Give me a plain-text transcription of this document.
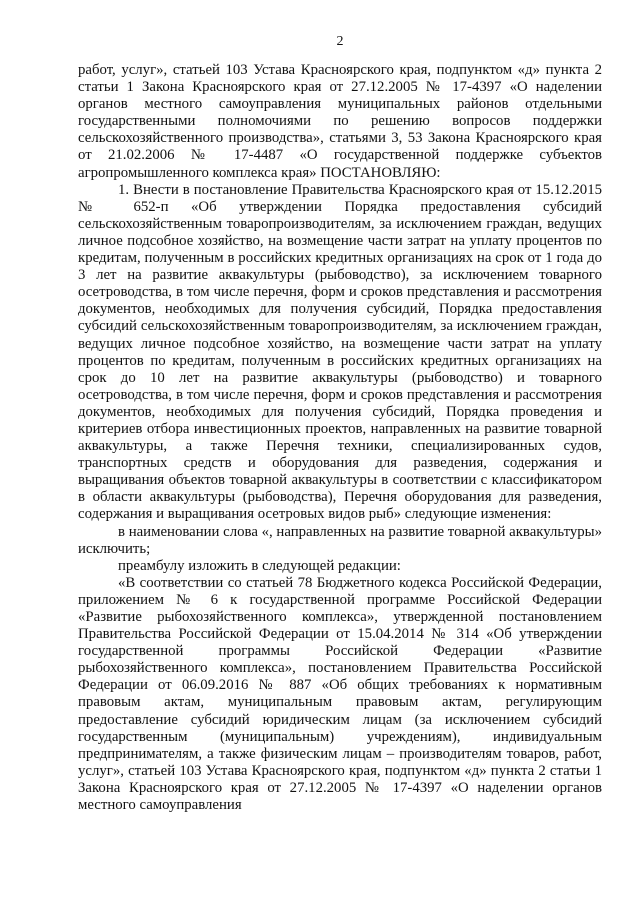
2

работ, услуг», статьей 103 Устава Красноярского края, подпунктом «д» пункта 2 статьи 1 Закона Красноярского края от 27.12.2005 № 17-4397 «О наделении органов местного самоуправления муниципальных районов отдельными государственными полномочиями по решению вопросов поддержки сельскохозяйственного производства», статьями 3, 53 Закона Красноярского края от 21.02.2006 № 17-4487 «О государственной поддержке субъектов агропромышленного комплекса края» ПОСТАНОВЛЯЮ:

1. Внести в постановление Правительства Красноярского края от 15.12.2015 № 652-п «Об утверждении Порядка предоставления субсидий сельскохозяйственным товаропроизводителям, за исключением граждан, ведущих личное подсобное хозяйство, на возмещение части затрат на уплату процентов по кредитам, полученным в российских кредитных организациях на срок от 1 года до 3 лет на развитие аквакультуры (рыбоводство), за исключением товарного осетроводства, в том числе перечня, форм и сроков представления и рассмотрения документов, необходимых для получения субсидий, Порядка предоставления субсидий сельскохозяйственным товаропроизводителям, за исключением граждан, ведущих личное подсобное хозяйство, на возмещение части затрат на уплату процентов по кредитам, полученным в российских кредитных организациях на срок до 10 лет на развитие аквакультуры (рыбоводство) и товарного осетроводства, в том числе перечня, форм и сроков представления и рассмотрения документов, необходимых для получения субсидий, Порядка проведения и критериев отбора инвестиционных проектов, направленных на развитие товарной аквакультуры, а также Перечня техники, специализированных судов, транспортных средств и оборудования для разведения, содержания и выращивания объектов товарной аквакультуры в соответствии с классификатором в области аквакультуры (рыбоводства), Перечня оборудования для разведения, содержания и выращивания осетровых видов рыб» следующие изменения:

в наименовании слова «, направленных на развитие товарной аквакультуры» исключить;

преамбулу изложить в следующей редакции:

«В соответствии со статьей 78 Бюджетного кодекса Российской Федерации, приложением № 6 к государственной программе Российской Федерации «Развитие рыбохозяйственного комплекса», утвержденной постановлением Правительства Российской Федерации от 15.04.2014 № 314 «Об утверждении государственной программы Российской Федерации «Развитие рыбохозяйственного комплекса», постановлением Правительства Российской Федерации от 06.09.2016 № 887 «Об общих требованиях к нормативным правовым актам, муниципальным правовым актам, регулирующим предоставление субсидий юридическим лицам (за исключением субсидий государственным (муниципальным) учреждениям), индивидуальным предпринимателям, а также физическим лицам – производителям товаров, работ, услуг», статьей 103 Устава Красноярского края, подпунктом «д» пункта 2 статьи 1 Закона Красноярского края от 27.12.2005 № 17-4397 «О наделении органов местного самоуправления
